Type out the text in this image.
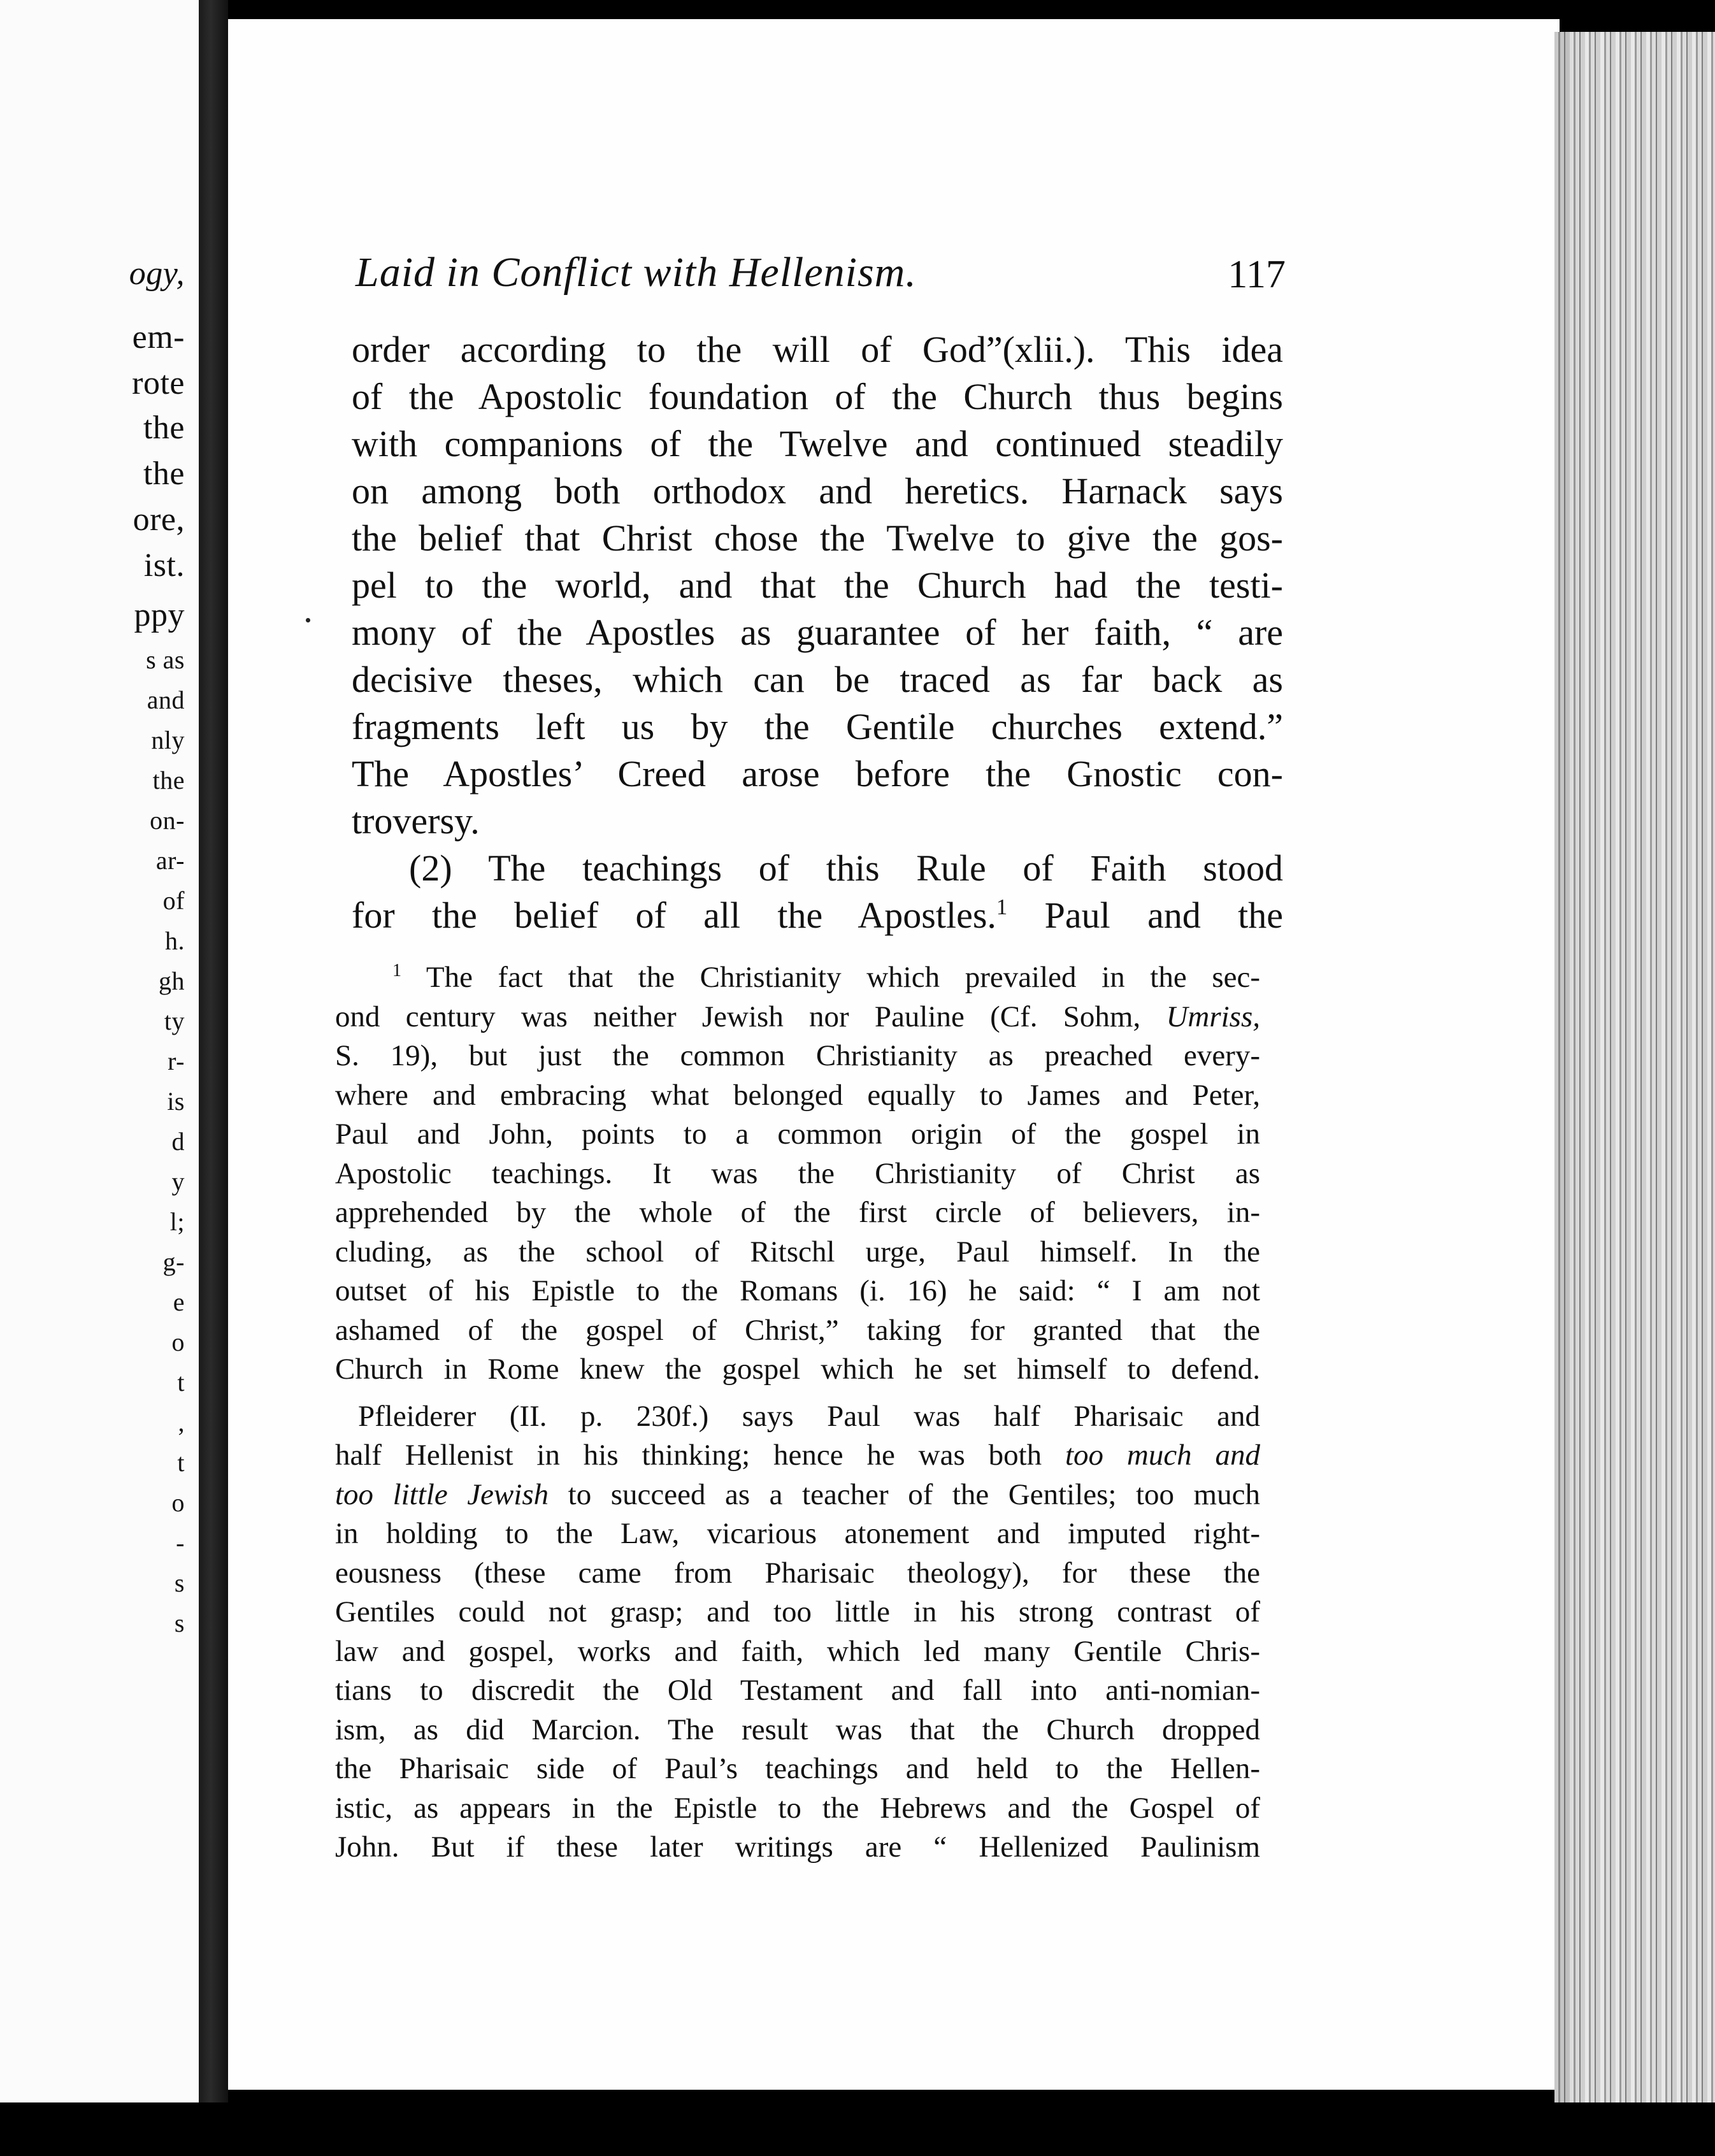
ogy,
em-
rote
the
the
ore,
ist.
ppy
s as
and
nly
the
on-
ar-
of
h.
gh
ty
r-
is
d
y
l;
g-
e
o
t
,
t
o
-
s
s
Laid in Conflict with Hellenism.	117
order according to the will of God”(xlii.). This idea
of the Apostolic foundation of the Church thus begins
with companions of the Twelve and continued steadily
on among both orthodox and heretics. Harnack says
the belief that Christ chose the Twelve to give the gos-
pel to the world, and that the Church had the testi-
mony of the Apostles as guarantee of her faith, “ are
decisive theses, which can be traced as far back as
fragments left us by the Gentile churches extend.”
The Apostles’ Creed arose before the Gnostic con-
troversy.
(2) The teachings of this Rule of Faith stood
for the belief of all the Apostles.$^1$ Paul and the
$^1$ The fact that the Christianity which prevailed in the sec-
ond century was neither Jewish nor Pauline (Cf. Sohm, Umriss,
S. 19), but just the common Christianity as preached every-
where and embracing what belonged equally to James and Peter,
Paul and John, points to a common origin of the gospel in
Apostolic teachings. It was the Christianity of Christ as
apprehended by the whole of the first circle of believers, in-
cluding, as the school of Ritschl urge, Paul himself. In the
outset of his Epistle to the Romans (i. 16) he said: “ I am not
ashamed of the gospel of Christ,” taking for granted that the
Church in Rome knew the gospel which he set himself to defend.
Pfleiderer (II. p. 230f.) says Paul was half Pharisaic and
half Hellenist in his thinking; hence he was both too much and
too little Jewish to succeed as a teacher of the Gentiles; too much
in holding to the Law, vicarious atonement and imputed right-
eousness (these came from Pharisaic theology), for these the
Gentiles could not grasp; and too little in his strong contrast of
law and gospel, works and faith, which led many Gentile Chris-
tians to discredit the Old Testament and fall into anti-nomian-
ism, as did Marcion. The result was that the Church dropped
the Pharisaic side of Paul’s teachings and held to the Hellen-
istic, as appears in the Epistle to the Hebrews and the Gospel of
John. But if these later writings are “ Hellenized Paulinism
